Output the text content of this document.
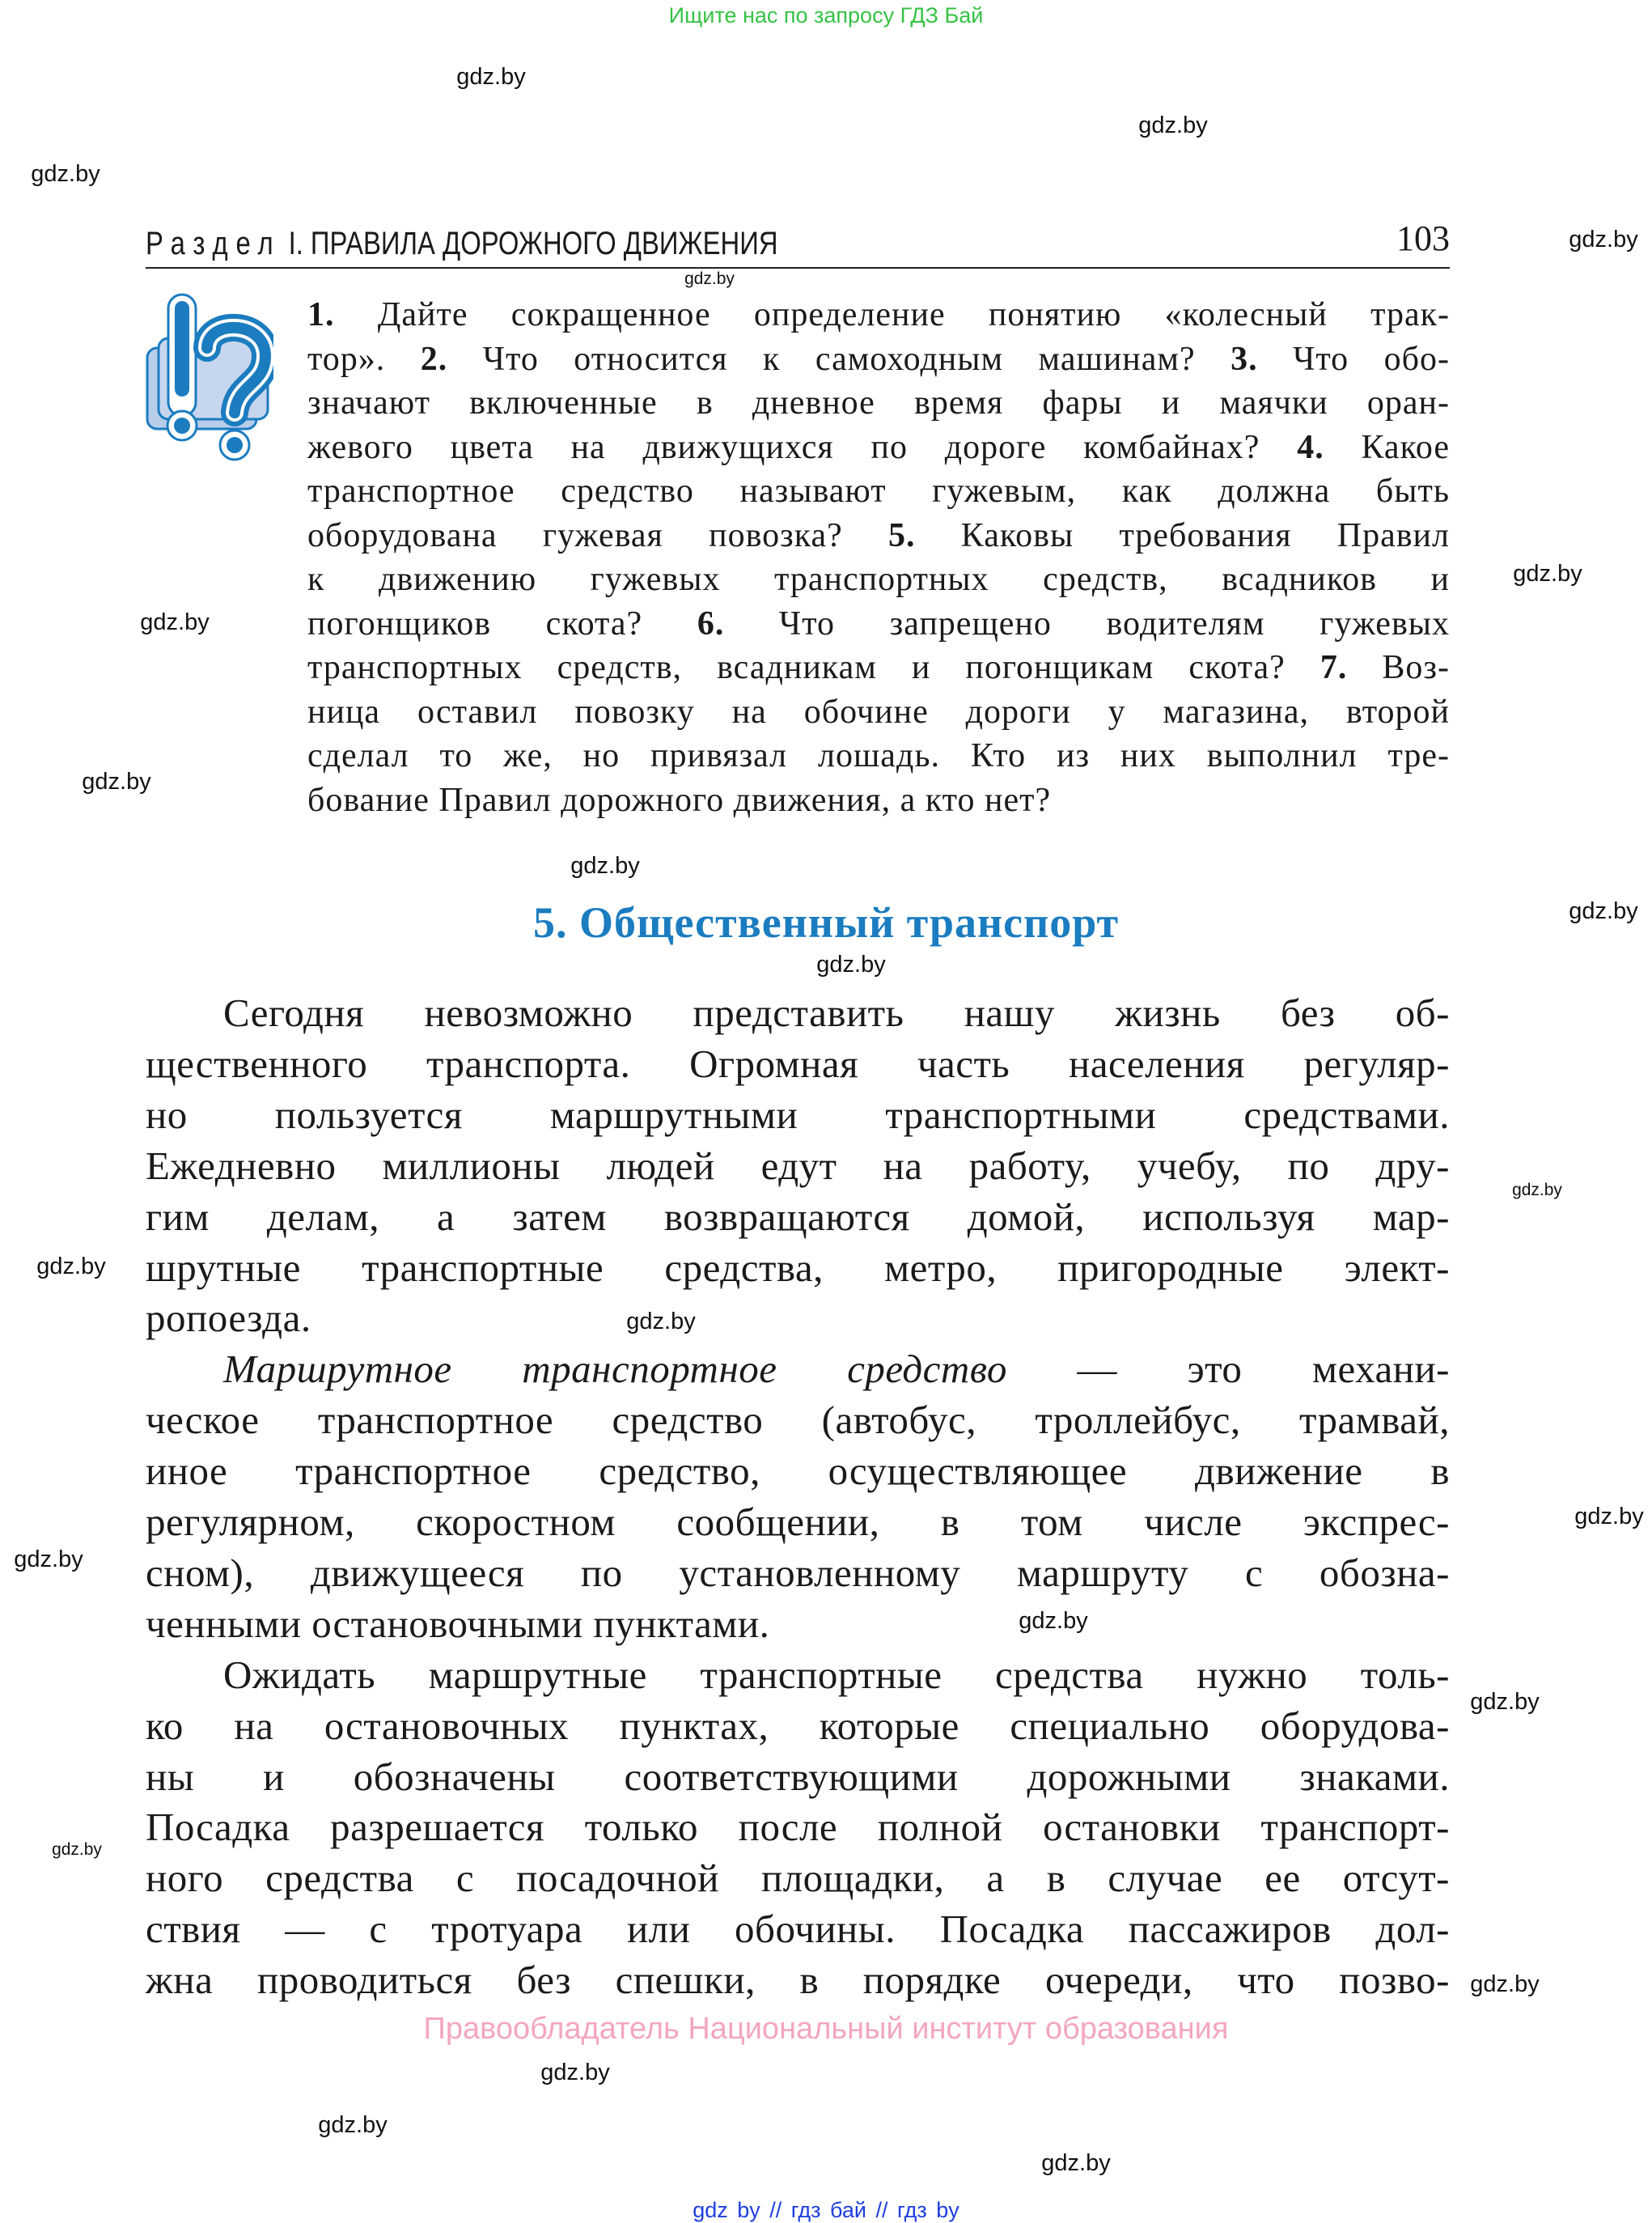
Ищите нас по запросу ГДЗ Бай
Раздел I. ПРАВИЛА ДОРОЖНОГО ДВИЖЕНИЯ	103
1. Дайте сокращенное определение понятию «колесный трак-
тор». 2. Что относится к самоходным машинам? 3. Что обо-
значают включенные в дневное время фары и маячки оран-
жевого цвета на движущихся по дороге комбайнах? 4. Какое
транспортное средство называют гужевым, как должна быть
оборудована гужевая повозка? 5. Каковы требования Правил
к движению гужевых транспортных средств, всадников и
погонщиков скота? 6. Что запрещено водителям гужевых
транспортных средств, всадникам и погонщикам скота? 7. Воз-
ница оставил повозку на обочине дороги у магазина, второй
сделал то же, но привязал лошадь. Кто из них выполнил тре-
бование Правил дорожного движения, а кто нет?
5. Общественный транспорт
Сегодня невозможно представить нашу жизнь без об-
щественного транспорта. Огромная часть населения регуляр-
но пользуется маршрутными транспортными средствами.
Ежедневно миллионы людей едут на работу, учебу, по дру-
гим делам, а затем возвращаются домой, используя мар-
шрутные транспортные средства, метро, пригородные элект-
ропоезда.
Маршрутное транспортное средство — это механи-
ческое транспортное средство (автобус, троллейбус, трамвай,
иное транспортное средство, осуществляющее движение в
регулярном, скоростном сообщении, в том числе экспрес-
сном), движущееся по установленному маршруту с обозна-
ченными остановочными пунктами.
Ожидать маршрутные транспортные средства нужно толь-
ко на остановочных пунктах, которые специально оборудова-
ны и обозначены соответствующими дорожными знаками.
Посадка разрешается только после полной остановки транспорт-
ного средства с посадочной площадки, а в случае ее отсут-
ствия — с тротуара или обочины. Посадка пассажиров дол-
жна проводиться без спешки, в порядке очереди, что позво-
Правообладатель Национальный институт образования
gdz by // гдз бай // гдз by
gdz.by
gdz.by
gdz.by
gdz.by
gdz.by
gdz.by
gdz.by
gdz.by
gdz.by
gdz.by
gdz.by
gdz.by
gdz.by
gdz.by
gdz.by
gdz.by
gdz.by
gdz.by
gdz.by
gdz.by
gdz.by
gdz.by
gdz.by
